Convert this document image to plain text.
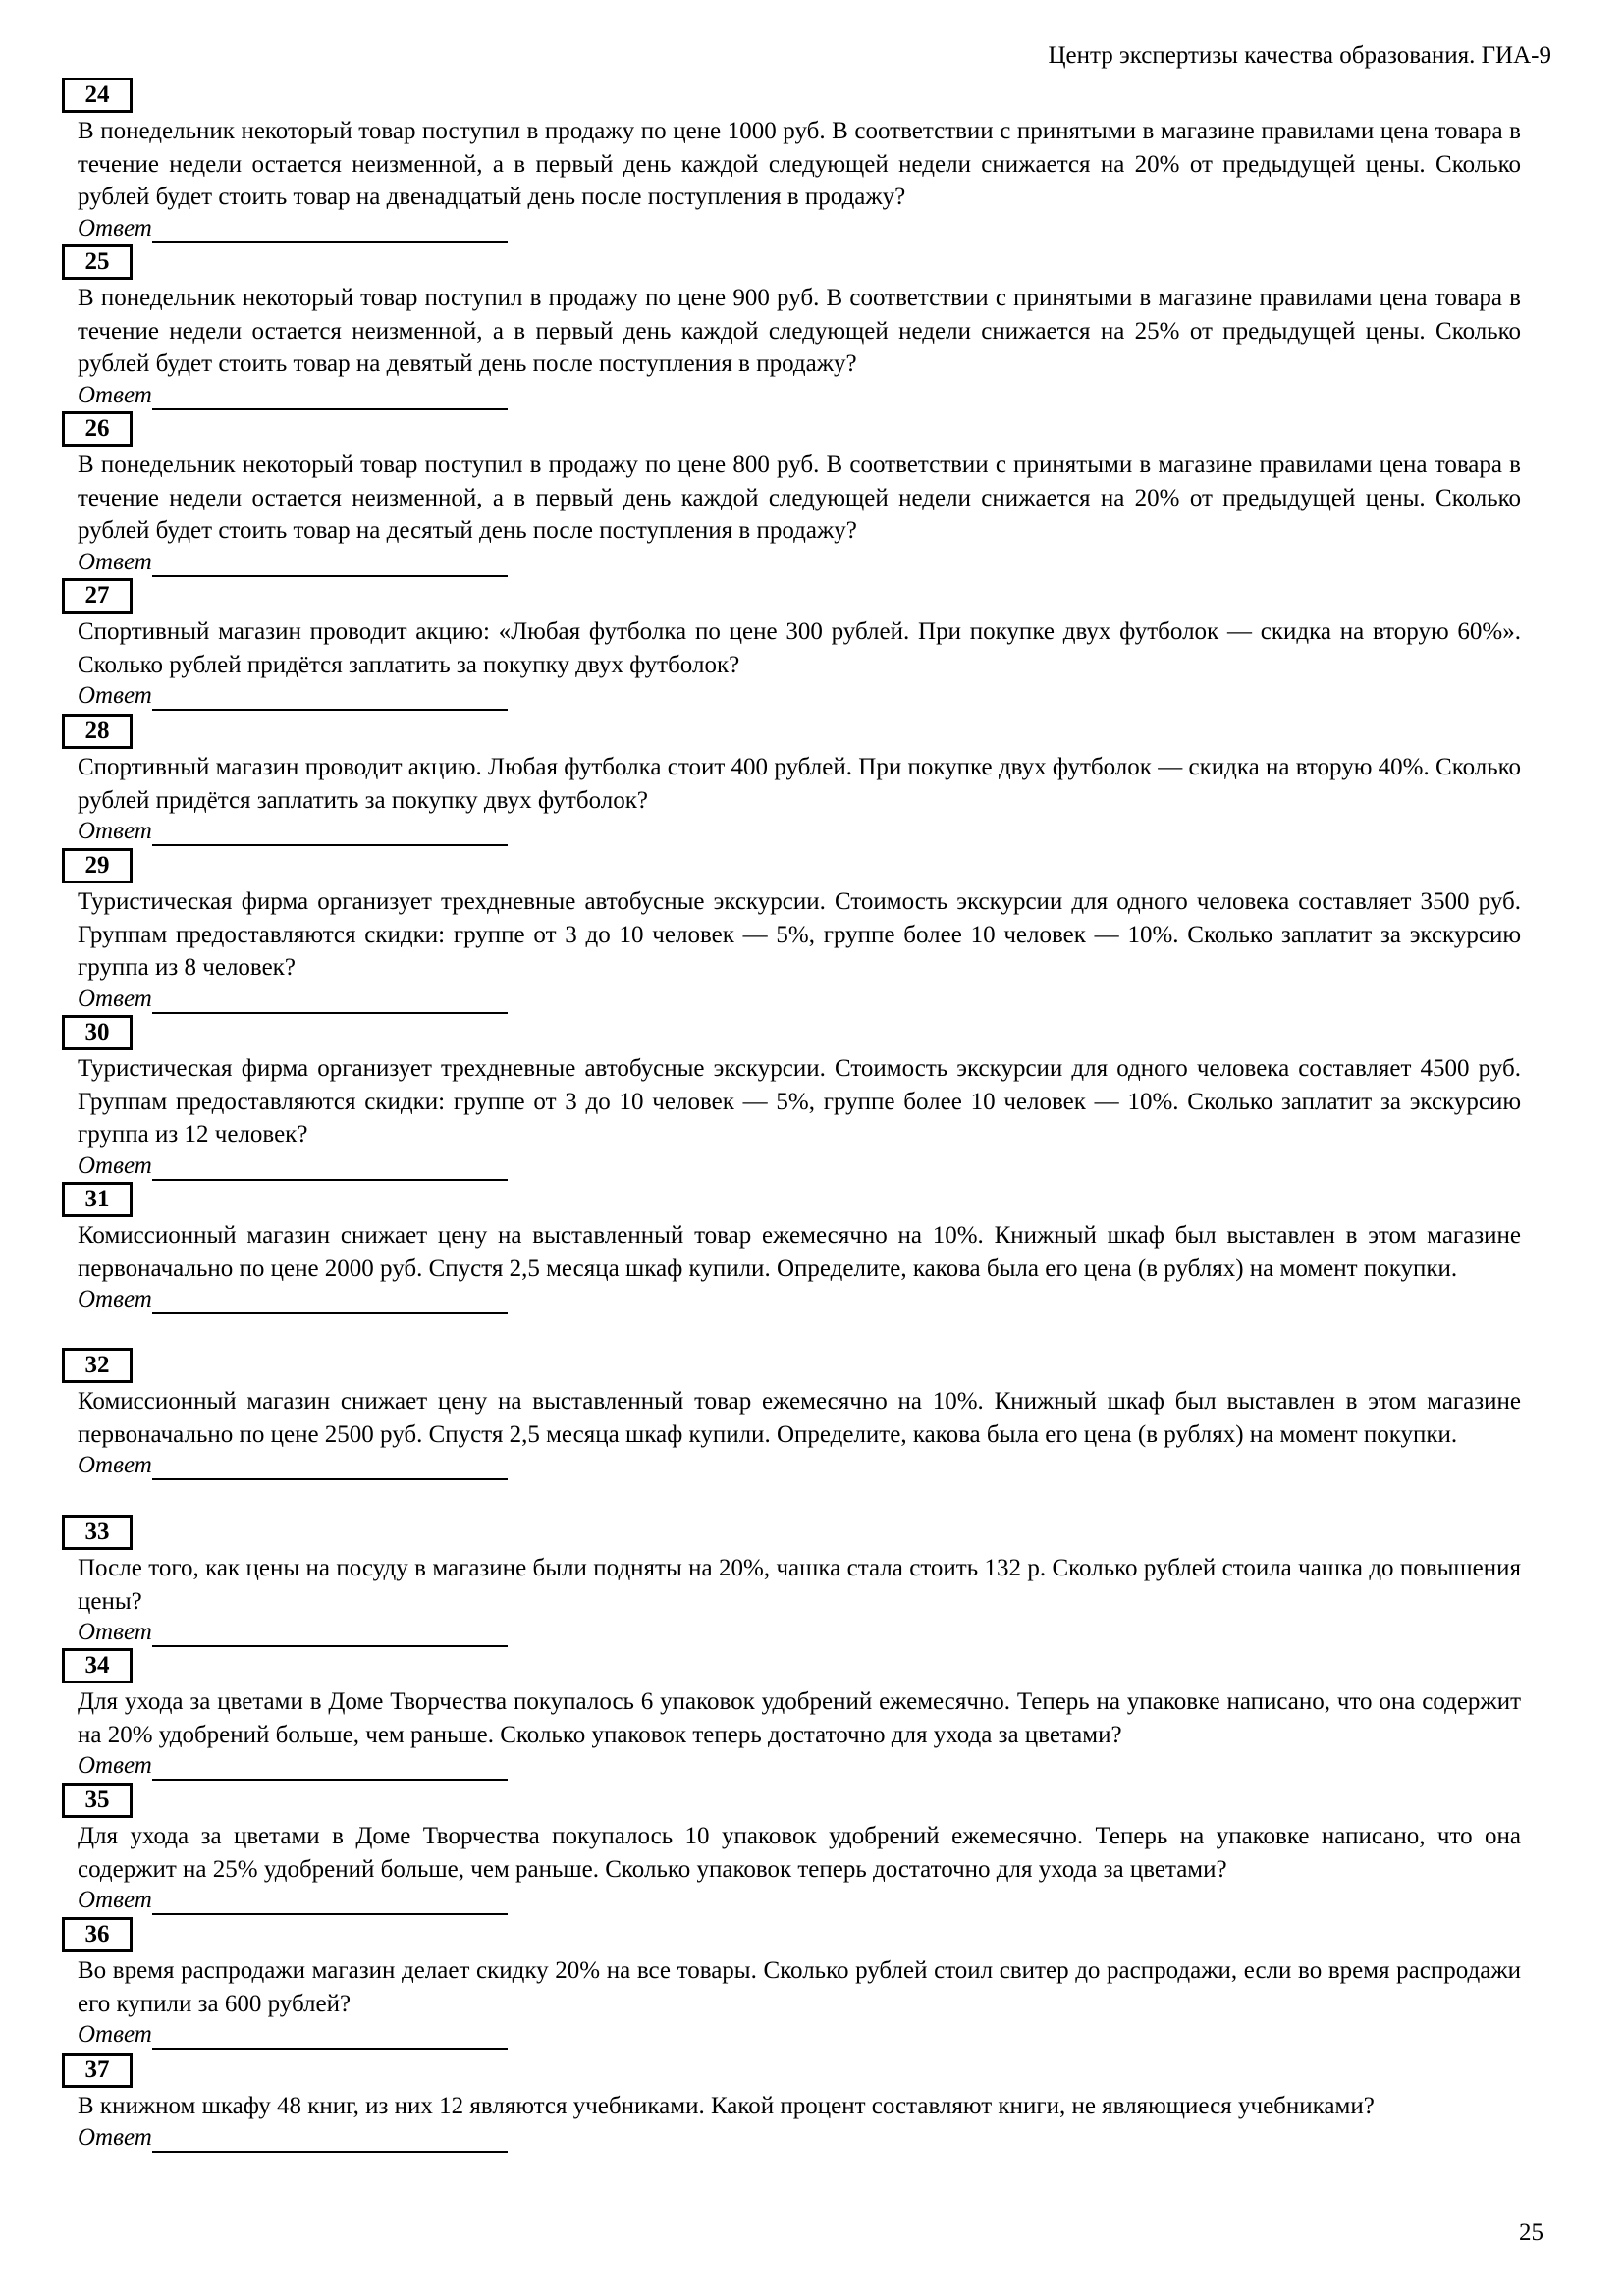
Центр экспертизы качества образования. ГИА-9
24
В понедельник некоторый товар поступил в продажу по цене 1000 руб. В соответствии с принятыми в магазине правилами цена товара в течение недели остается неизменной, а в первый день каждой следующей недели снижается на 20% от предыдущей цены. Сколько рублей будет стоить товар на двенадцатый день после поступления в продажу?
Ответ
25
В понедельник некоторый товар поступил в продажу по цене 900 руб. В соответствии с принятыми в магазине правилами цена товара в течение недели остается неизменной, а в первый день каждой следующей недели снижается на 25% от предыдущей цены. Сколько рублей будет стоить товар на девятый день после поступления в продажу?
Ответ
26
В понедельник некоторый товар поступил в продажу по цене 800 руб. В соответствии с принятыми в магазине правилами цена товара в течение недели остается неизменной, а в первый день каждой следующей недели снижается на 20% от предыдущей цены. Сколько рублей будет стоить товар на десятый день после поступления в продажу?
Ответ
27
Спортивный магазин проводит акцию: «Любая футболка по цене 300 рублей. При покупке двух футболок — скидка на вторую 60%». Сколько рублей придётся заплатить за покупку двух футболок?
Ответ
28
Спортивный магазин проводит акцию. Любая футболка стоит 400 рублей. При покупке двух футболок — скидка на вторую 40%. Сколько рублей придётся заплатить за покупку двух футболок?
Ответ
29
Туристическая фирма организует трехдневные автобусные экскурсии. Стоимость экскурсии для одного человека составляет 3500 руб. Группам предоставляются скидки: группе от 3 до 10 человек — 5%, группе более 10 человек — 10%. Сколько заплатит за экскурсию группа из 8 человек?
Ответ
30
Туристическая фирма организует трехдневные автобусные экскурсии. Стоимость экскурсии для одного человека составляет 4500 руб. Группам предоставляются скидки: группе от 3 до 10 человек — 5%, группе более 10 человек — 10%. Сколько заплатит за экскурсию группа из 12 человек?
Ответ
31
Комиссионный магазин снижает цену на выставленный товар ежемесячно на 10%. Книжный шкаф был выставлен в этом магазине первоначально по цене 2000 руб. Спустя 2,5 месяца шкаф купили. Определите, какова была его цена (в рублях) на момент покупки.
Ответ
32
Комиссионный магазин снижает цену на выставленный товар ежемесячно на 10%. Книжный шкаф был выставлен в этом магазине первоначально по цене 2500 руб. Спустя 2,5 месяца шкаф купили. Определите, какова была его цена (в рублях) на момент покупки.
Ответ
33
После того, как цены на посуду в магазине были подняты на 20%, чашка стала стоить 132 р. Сколько рублей стоила чашка до повышения цены?
Ответ
34
Для ухода за цветами в Доме Творчества покупалось 6 упаковок удобрений ежемесячно. Теперь на упаковке написано, что она содержит на 20% удобрений больше, чем раньше. Сколько упаковок теперь достаточно для ухода за цветами?
Ответ
35
Для ухода за цветами в Доме Творчества покупалось 10 упаковок удобрений ежемесячно. Теперь на упаковке написано, что она содержит на 25% удобрений больше, чем раньше. Сколько упаковок теперь достаточно для ухода за цветами?
Ответ
36
Во время распродажи магазин делает скидку 20% на все товары. Сколько рублей стоил свитер до распродажи, если во время распродажи его купили за 600 рублей?
Ответ
37
В книжном шкафу 48 книг, из них 12 являются учебниками. Какой процент составляют книги, не являющиеся учебниками?
Ответ
25
